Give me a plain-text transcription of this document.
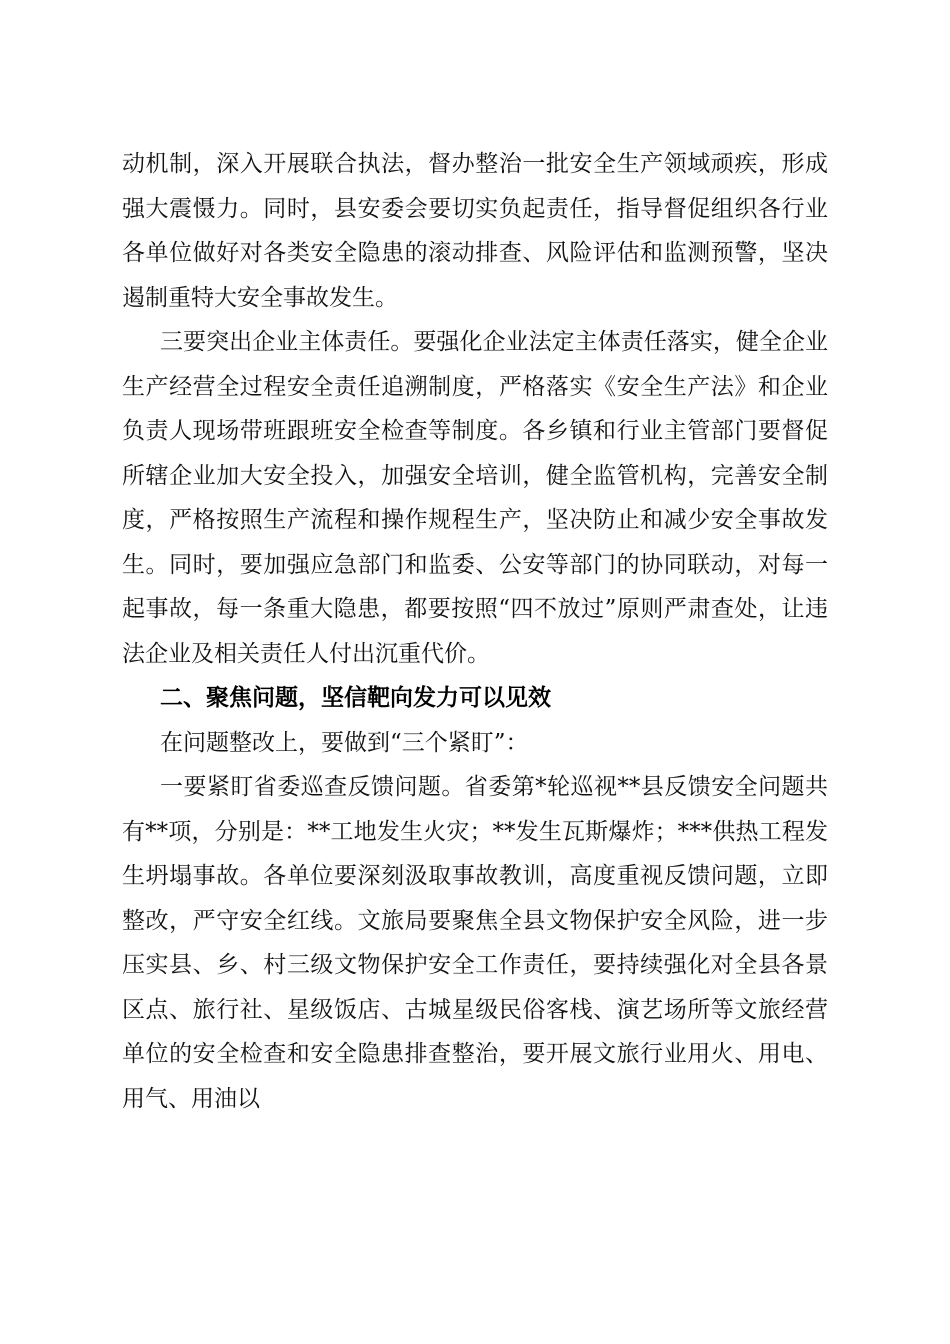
动机制，深入开展联合执法，督办整治一批安全生产领域顽疾，形成强大震慑力。同时，县安委会要切实负起责任，指导督促组织各行业各单位做好对各类安全隐患的滚动排查、风险评估和监测预警，坚决遏制重特大安全事故发生。

三要突出企业主体责任。要强化企业法定主体责任落实，健全企业生产经营全过程安全责任追溯制度，严格落实《安全生产法》和企业负责人现场带班跟班安全检查等制度。各乡镇和行业主管部门要督促所辖企业加大安全投入，加强安全培训，健全监管机构，完善安全制度，严格按照生产流程和操作规程生产，坚决防止和减少安全事故发生。同时，要加强应急部门和监委、公安等部门的协同联动，对每一起事故，每一条重大隐患，都要按照“四不放过”原则严肃查处，让违法企业及相关责任人付出沉重代价。

二、聚焦问题，坚信靶向发力可以见效

在问题整改上，要做到“三个紧盯”：

一要紧盯省委巡查反馈问题。省委第*轮巡视**县反馈安全问题共有**项，分别是：**工地发生火灾；**发生瓦斯爆炸；***供热工程发生坍塌事故。各单位要深刻汲取事故教训，高度重视反馈问题，立即整改，严守安全红线。文旅局要聚焦全县文物保护安全风险，进一步压实县、乡、村三级文物保护安全工作责任，要持续强化对全县各景区点、旅行社、星级饭店、古城星级民俗客栈、演艺场所等文旅经营单位的安全检查和安全隐患排查整治，要开展文旅行业用火、用电、用气、用油以
